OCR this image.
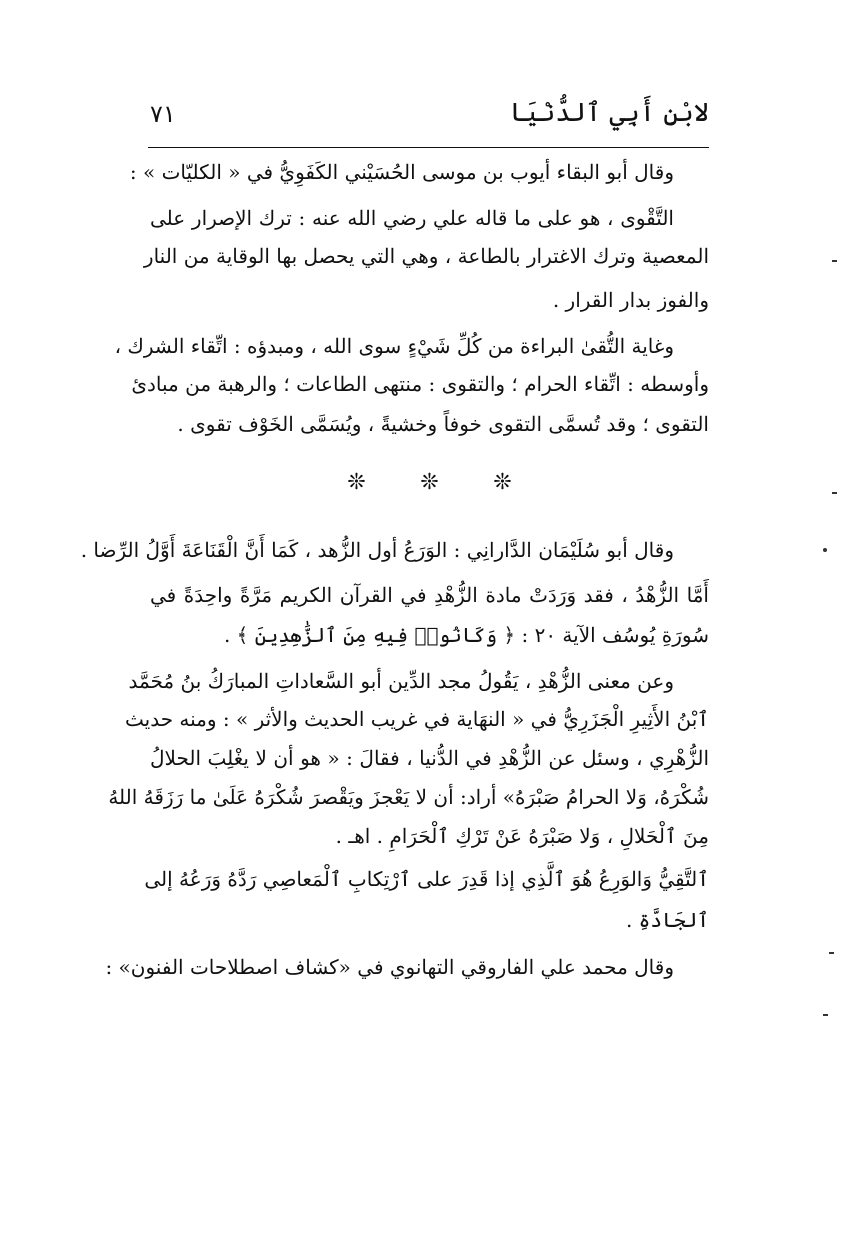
لابْنِ أَبِي ٱلدُّنْيَا
٧١
وقال أبو البقاء أيوب بن موسى الحُسَيْني الكَفَوِيُّ في « الكليّات » :
التَّقْوى ، هو على ما قاله علي رضي الله عنه : ترك الإصرار على
المعصية وترك الاغترار بالطاعة ، وهي التي يحصل بها الوقاية من النار
والفوز بدار القرار .
وغاية التُّقىٰ البراءة من كُلِّ شَيْءٍ سوى الله ، ومبدؤه : اتِّقاء الشرك ،
وأوسطه : اتِّقاء الحرام ؛ والتقوى : منتهى الطاعات ؛ والرهبة من مبادئ
التقوى ؛ وقد تُسمَّى التقوى خوفاً وخشيةً ، ويُسَمَّى الخَوْف تقوى .
❊ ❊ ❊
وقال أبو سُلَيْمَان الدَّارانِي : الوَرَعُ أول الزُّهد ، كَمَا أَنَّ الْقَنَاعَةَ أَوَّلُ الرِّضا .
أَمَّا الزُّهْدُ ، فقد وَرَدَتْ مادة الزُّهْدِ في القرآن الكريم مَرَّةً واحِدَةً في
سُورَةِ يُوسُف الآية ٢٠ : ﴿ وَكَانُوا۟ فِيهِ مِنَ ٱلزَّٰهِدِينَ ﴾ .
وعن معنى الزُّهْدِ ، يَقُولُ مجد الدِّين أبو السَّعاداتِ المبارَكُ بنُ مُحَمَّد
ٱبْنُ الأَثِيرِ الْجَزَرِيُّ في « النهَاية في غريب الحديث والأثر » : ومنه حديث
الزُّهْرِي ، وسئل عن الزُّهْدِ في الدُّنيا ، فقالَ : « هو أن لا يغْلِبَ الحلالُ
شُكْرَهُ، وَلا الحرامُ صَبْرَهُ» أراد: أن لا يَعْجزَ ويَقْصرَ شُكْرَهُ عَلَىٰ ما رَزَقَهُ اللهُ
مِنَ ٱلْحَلالِ ، وَلا صَبْرَهُ عَنْ تَرْكِ ٱلْحَرَامِ . اهـ .
ٱلتَّقِيُّ وَالوَرِعُ هُوَ ٱلَّذِي إذا قَدِرَ على ٱرْتِكابِ ٱلْمَعاصِي رَدَّهُ وَرَعُهُ إلى
ٱلجَادَّةِ .
وقال محمد علي الفاروقي التهانوي في «كشاف اصطلاحات الفنون» :
